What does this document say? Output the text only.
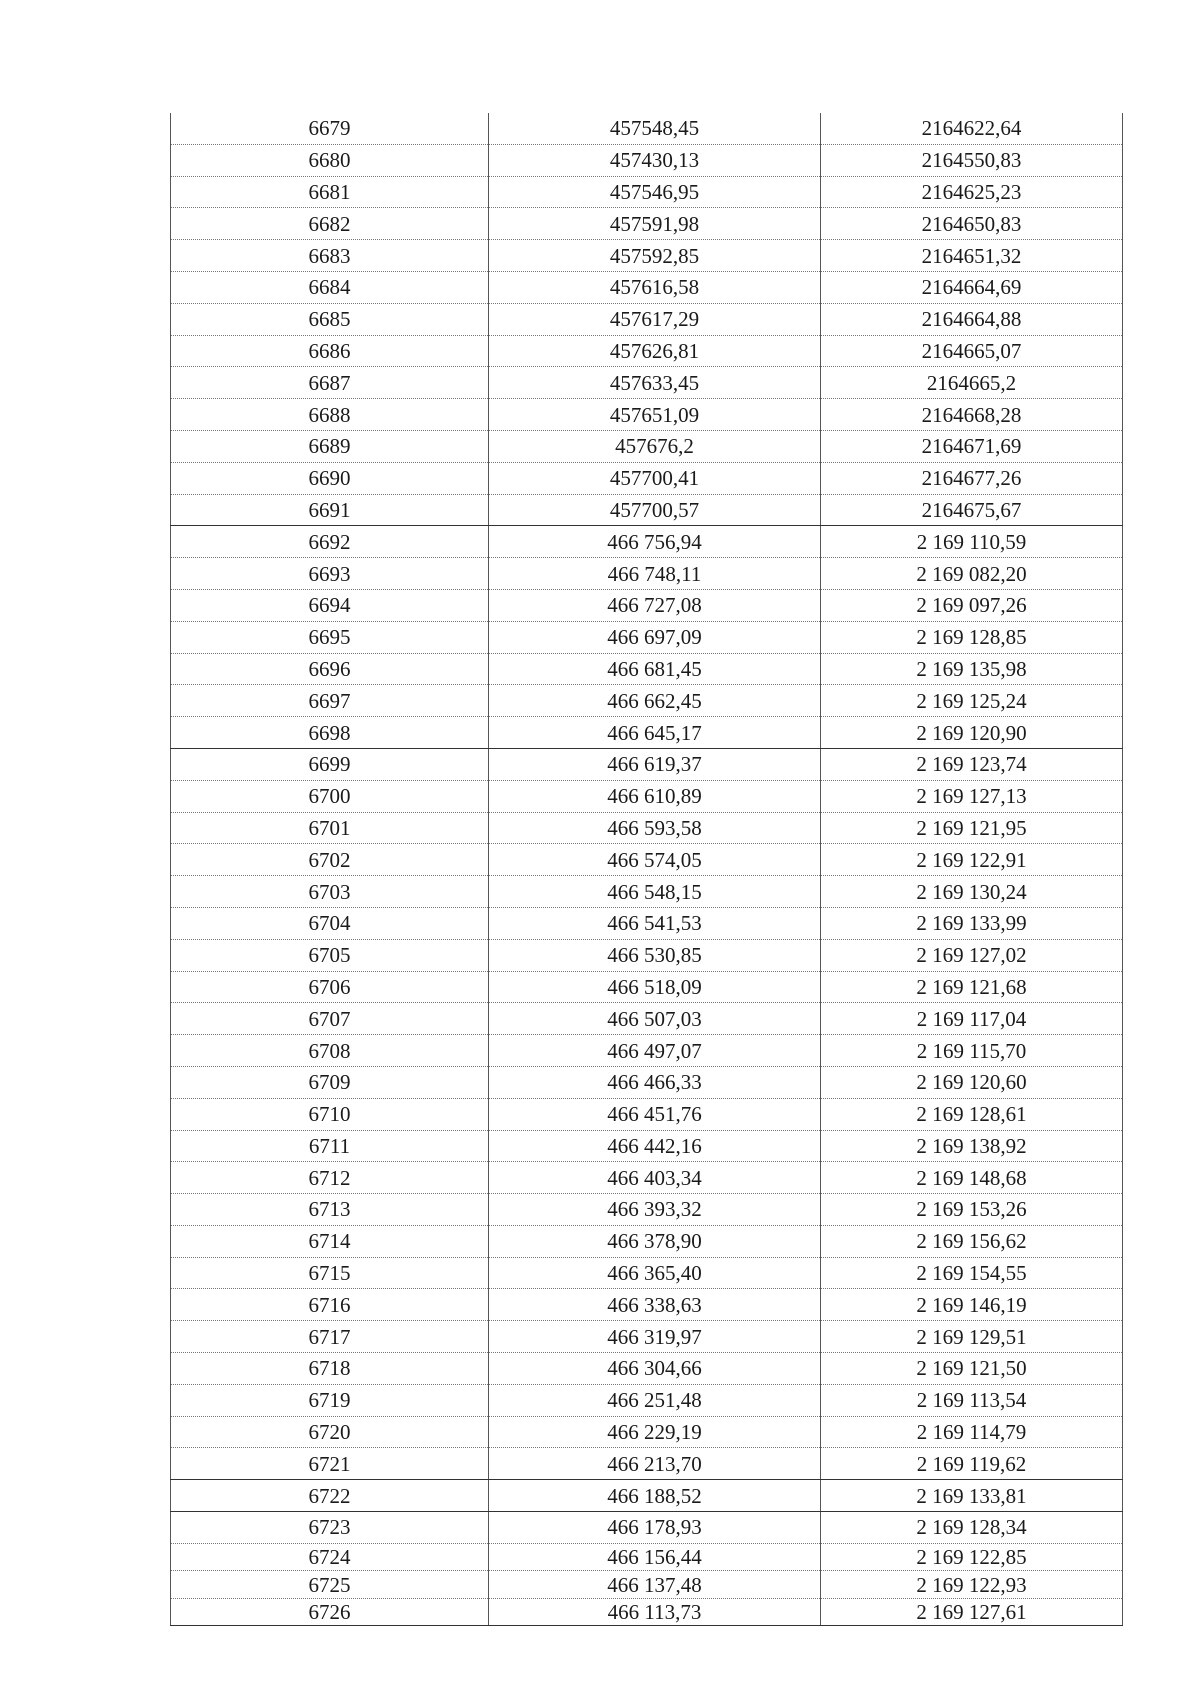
6679	457548,45	2164622,64
6680	457430,13	2164550,83
6681	457546,95	2164625,23
6682	457591,98	2164650,83
6683	457592,85	2164651,32
6684	457616,58	2164664,69
6685	457617,29	2164664,88
6686	457626,81	2164665,07
6687	457633,45	2164665,2
6688	457651,09	2164668,28
6689	457676,2	2164671,69
6690	457700,41	2164677,26
6691	457700,57	2164675,67
6692	466 756,94	2 169 110,59
6693	466 748,11	2 169 082,20
6694	466 727,08	2 169 097,26
6695	466 697,09	2 169 128,85
6696	466 681,45	2 169 135,98
6697	466 662,45	2 169 125,24
6698	466 645,17	2 169 120,90
6699	466 619,37	2 169 123,74
6700	466 610,89	2 169 127,13
6701	466 593,58	2 169 121,95
6702	466 574,05	2 169 122,91
6703	466 548,15	2 169 130,24
6704	466 541,53	2 169 133,99
6705	466 530,85	2 169 127,02
6706	466 518,09	2 169 121,68
6707	466 507,03	2 169 117,04
6708	466 497,07	2 169 115,70
6709	466 466,33	2 169 120,60
6710	466 451,76	2 169 128,61
6711	466 442,16	2 169 138,92
6712	466 403,34	2 169 148,68
6713	466 393,32	2 169 153,26
6714	466 378,90	2 169 156,62
6715	466 365,40	2 169 154,55
6716	466 338,63	2 169 146,19
6717	466 319,97	2 169 129,51
6718	466 304,66	2 169 121,50
6719	466 251,48	2 169 113,54
6720	466 229,19	2 169 114,79
6721	466 213,70	2 169 119,62
6722	466 188,52	2 169 133,81
6723	466 178,93	2 169 128,34
6724	466 156,44	2 169 122,85
6725	466 137,48	2 169 122,93
6726	466 113,73	2 169 127,61
